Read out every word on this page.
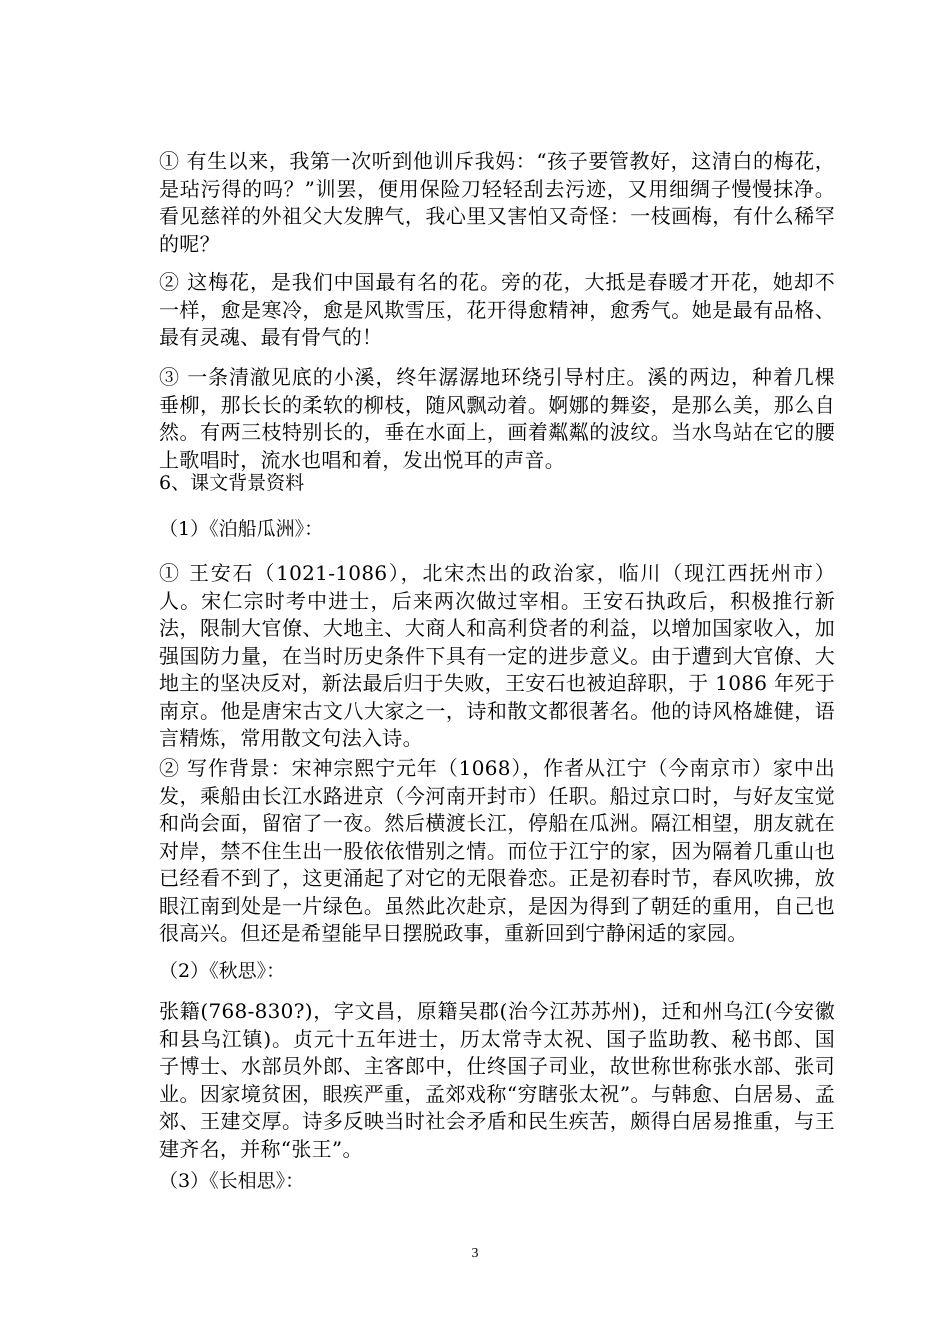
① 有生以来，我第一次听到他训斥我妈：“孩子要管教好，这清白的梅花，是玷污得的吗？”训罢，便用保险刀轻轻刮去污迹，又用细绸子慢慢抹净。看见慈祥的外祖父大发脾气，我心里又害怕又奇怪：一枝画梅，有什么稀罕的呢？

② 这梅花，是我们中国最有名的花。旁的花，大抵是春暖才开花，她却不一样，愈是寒冷，愈是风欺雪压，花开得愈精神，愈秀气。她是最有品格、最有灵魂、最有骨气的！

③ 一条清澈见底的小溪，终年潺潺地环绕引导村庄。溪的两边，种着几棵垂柳，那长长的柔软的柳枝，随风飘动着。婀娜的舞姿，是那么美，那么自然。有两三枝特别长的，垂在水面上，画着粼粼的波纹。当水鸟站在它的腰上歌唱时，流水也唱和着，发出悦耳的声音。

6、课文背景资料

（1）《泊船瓜洲》：

① 王安石（1021-1086），北宋杰出的政治家，临川（现江西抚州市）人。宋仁宗时考中进士，后来两次做过宰相。王安石执政后，积极推行新法，限制大官僚、大地主、大商人和高利贷者的利益，以增加国家收入，加强国防力量，在当时历史条件下具有一定的进步意义。由于遭到大官僚、大地主的坚决反对，新法最后归于失败，王安石也被迫辞职，于 1086 年死于南京。他是唐宋古文八大家之一，诗和散文都很著名。他的诗风格雄健，语言精炼，常用散文句法入诗。

② 写作背景：宋神宗熙宁元年（1068），作者从江宁（今南京市）家中出发，乘船由长江水路进京（今河南开封市）任职。船过京口时，与好友宝觉和尚会面，留宿了一夜。然后横渡长江，停船在瓜洲。隔江相望，朋友就在对岸，禁不住生出一股依依惜别之情。而位于江宁的家，因为隔着几重山也已经看不到了，这更涌起了对它的无限眷恋。正是初春时节，春风吹拂，放眼江南到处是一片绿色。虽然此次赴京，是因为得到了朝廷的重用，自己也很高兴。但还是希望能早日摆脱政事，重新回到宁静闲适的家园。

（2）《秋思》：

张籍(768-830?)，字文昌，原籍吴郡(治今江苏苏州)，迁和州乌江(今安徽和县乌江镇)。贞元十五年进士，历太常寺太祝、国子监助教、秘书郎、国子博士、水部员外郎、主客郎中，仕终国子司业，故世称世称张水部、张司业。因家境贫困，眼疾严重，孟郊戏称“穷瞎张太祝”。与韩愈、白居易、孟郊、王建交厚。诗多反映当时社会矛盾和民生疾苦，颇得白居易推重，与王建齐名，并称“张王”。

（3）《长相思》：

3
